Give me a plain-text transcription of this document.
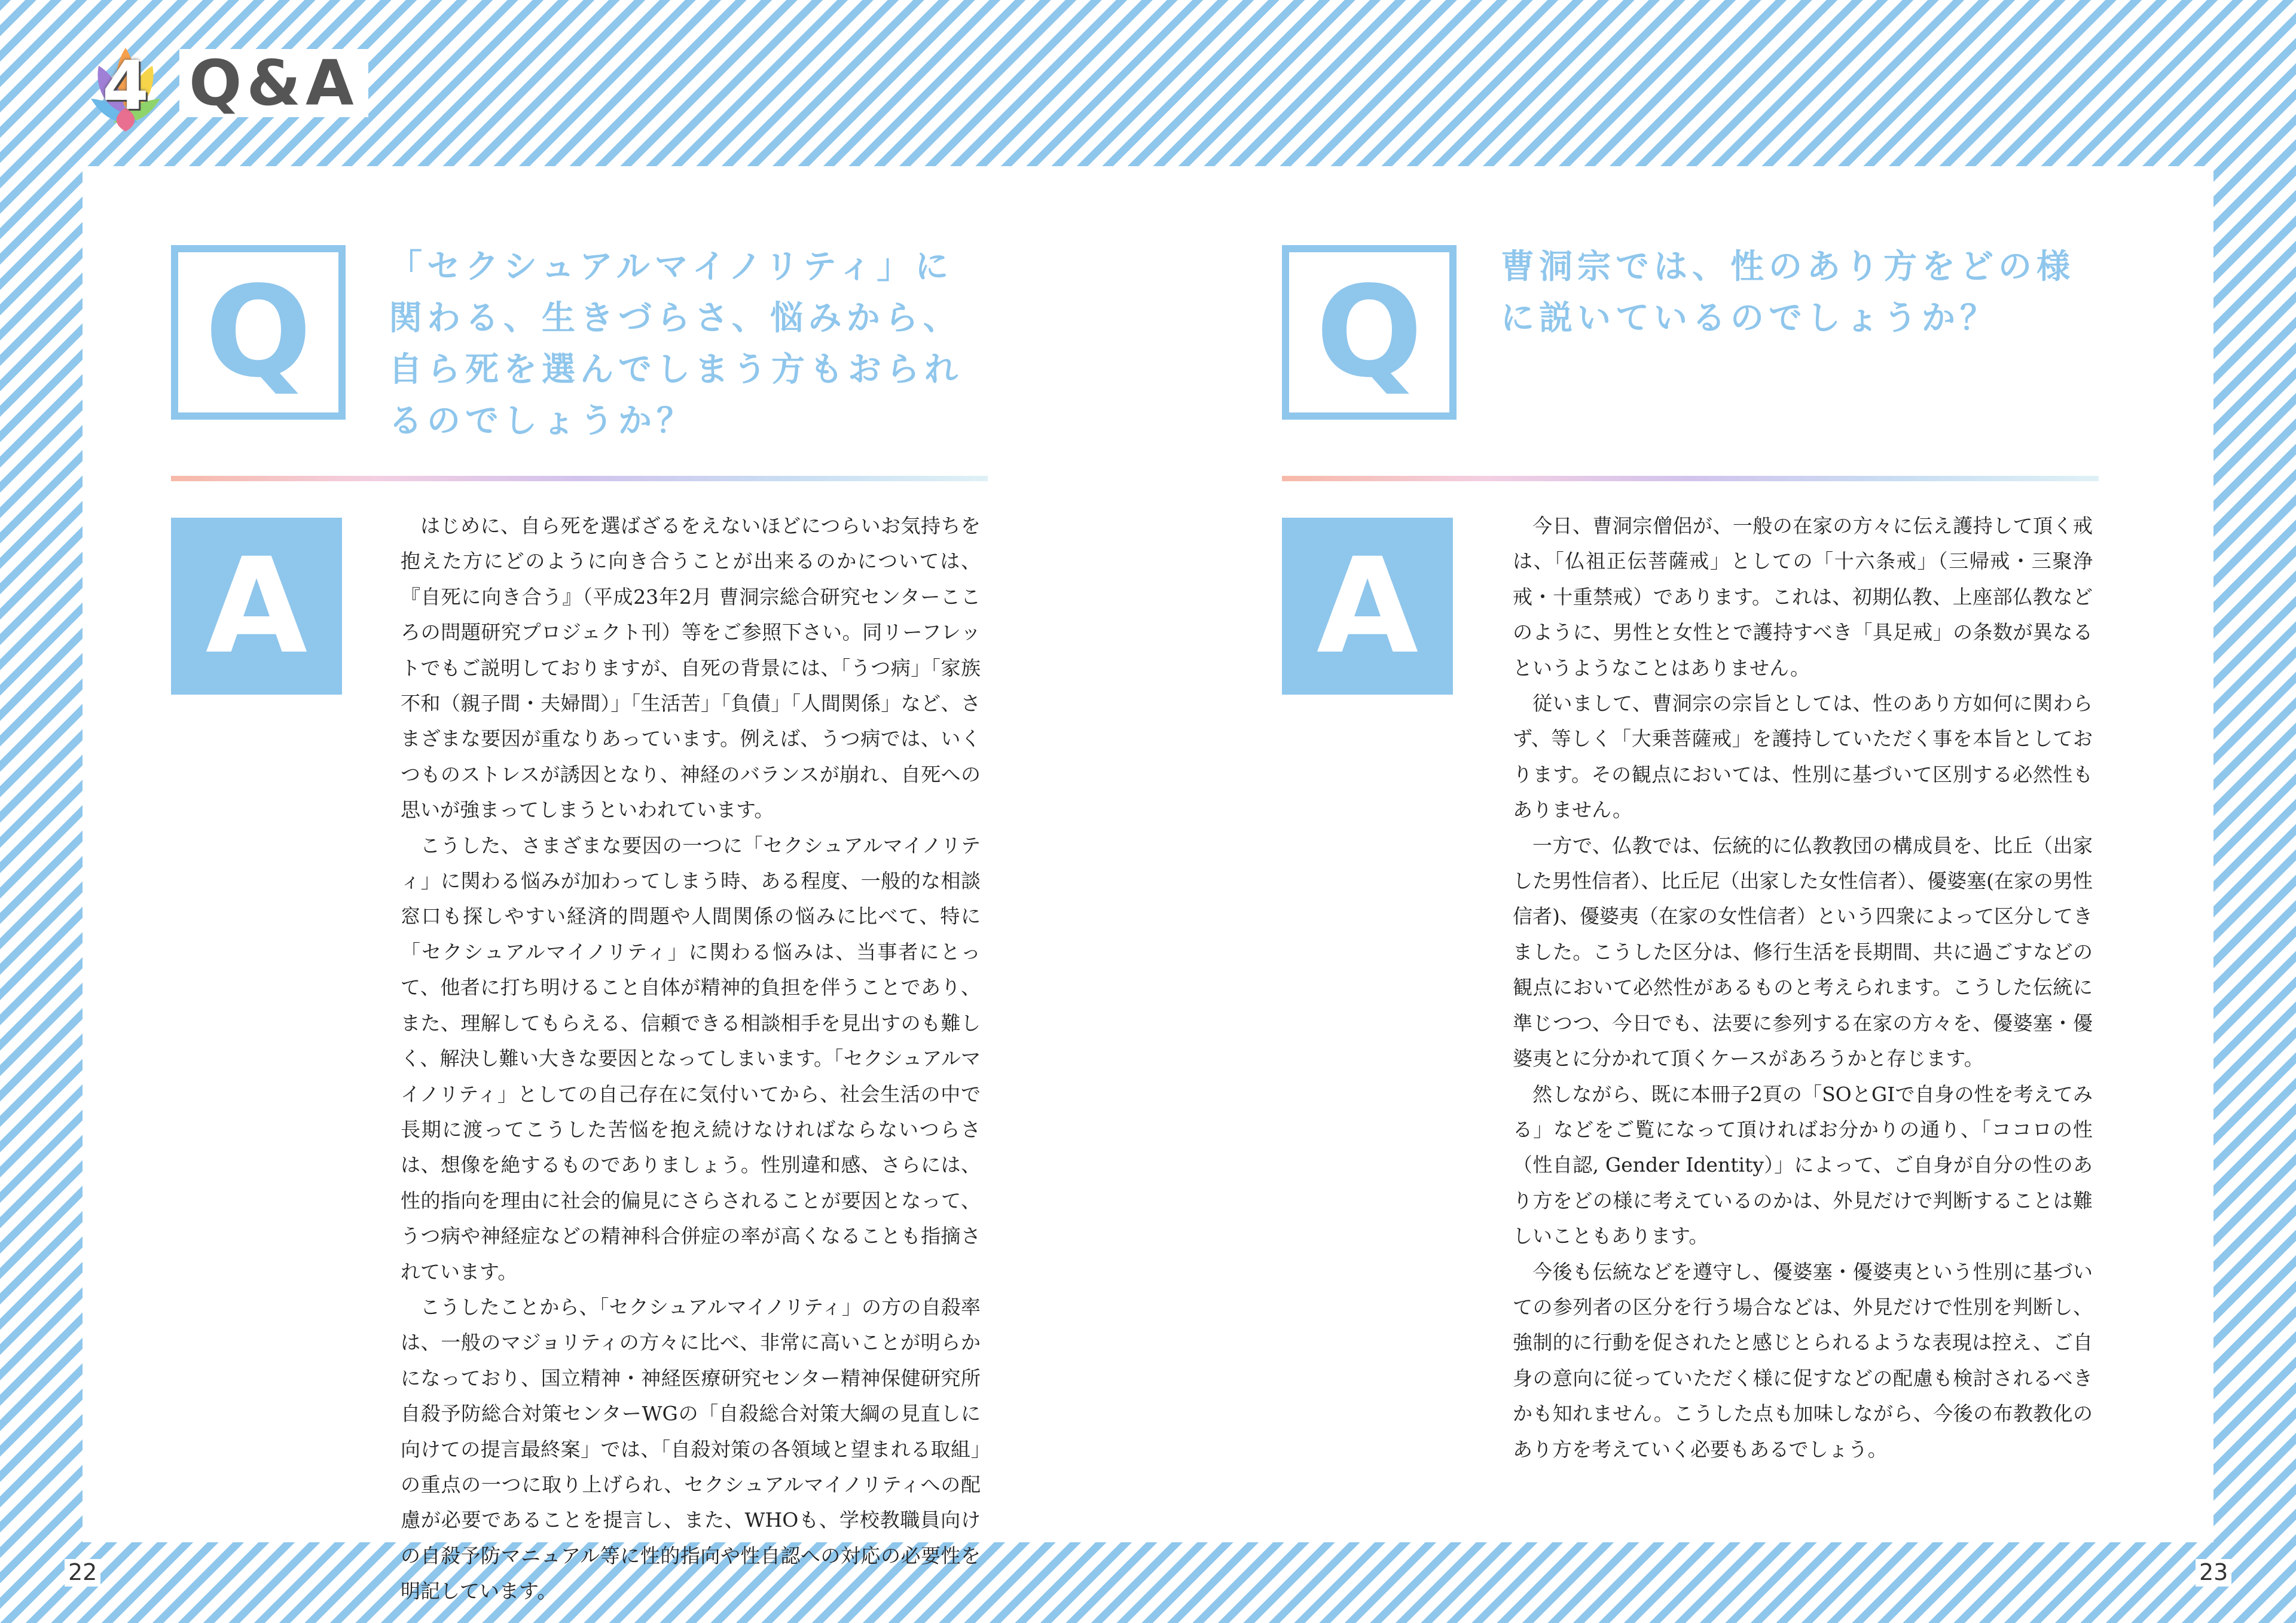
4 Q&A
Q	「セクシュアルマイノリティ」に関わる、生きづらさ、悩みから、自ら死を選んでしまう方もおられるのでしょうか？
A

はじめに、自ら死を選ばざるをえないほどにつらいお気持ちを抱えた方にどのように向き合うことが出来るのかについては、『自死に向き合う』（平成23年2月 曹洞宗総合研究センターこころの問題研究プロジェクト刊）等をご参照下さい。同リーフレットでもご説明しておりますが、自死の背景には、「うつ病」「家族不和（親子間・夫婦間）」「生活苦」「負債」「人間関係」など、さまざまな要因が重なりあっています。例えば、うつ病では、いくつものストレスが誘因となり、神経のバランスが崩れ、自死への思いが強まってしまうといわれています。

こうした、さまざまな要因の一つに「セクシュアルマイノリティ」に関わる悩みが加わってしまう時、ある程度、一般的な相談窓口も探しやすい経済的問題や人間関係の悩みに比べて、特に「セクシュアルマイノリティ」に関わる悩みは、当事者にとって、他者に打ち明けること自体が精神的負担を伴うことであり、また、理解してもらえる、信頼できる相談相手を見出すのも難しく、解決し難い大きな要因となってしまいます。「セクシュアルマイノリティ」としての自己存在に気付いてから、社会生活の中で長期に渡ってこうした苦悩を抱え続けなければならないつらさは、想像を絶するものでありましょう。性別違和感、さらには、性的指向を理由に社会的偏見にさらされることが要因となって、うつ病や神経症などの精神科合併症の率が高くなることも指摘されています。

こうしたことから、「セクシュアルマイノリティ」の方の自殺率は、一般のマジョリティの方々に比べ、非常に高いことが明らかになっており、国立精神・神経医療研究センター精神保健研究所自殺予防総合対策センターWGの「自殺総合対策大綱の見直しに向けての提言最終案」では、「自殺対策の各領域と望まれる取組」の重点の一つに取り上げられ、セクシュアルマイノリティへの配慮が必要であることを提言し、また、WHOも、学校教職員向けの自殺予防マニュアル等に性的指向や性自認への対応の必要性を明記しています。

Q	曹洞宗では、性のあり方をどの様に説いているのでしょうか？
A

今日、曹洞宗僧侶が、一般の在家の方々に伝え護持して頂く戒は、「仏祖正伝菩薩戒」としての「十六条戒」（三帰戒・三聚浄戒・十重禁戒）であります。これは、初期仏教、上座部仏教などのように、男性と女性とで護持すべき「具足戒」の条数が異なるというようなことはありません。

従いまして、曹洞宗の宗旨としては、性のあり方如何に関わらず、等しく「大乗菩薩戒」を護持していただく事を本旨としております。その観点においては、性別に基づいて区別する必然性もありません。

一方で、仏教では、伝統的に仏教教団の構成員を、比丘（出家した男性信者）、比丘尼（出家した女性信者）、優婆塞(在家の男性信者)、優婆夷（在家の女性信者）という四衆によって区分してきました。こうした区分は、修行生活を長期間、共に過ごすなどの観点において必然性があるものと考えられます。こうした伝統に準じつつ、今日でも、法要に参列する在家の方々を、優婆塞・優婆夷とに分かれて頂くケースがあろうかと存じます。

然しながら、既に本冊子2頁の「SOとGIで自身の性を考えてみる」などをご覧になって頂ければお分かりの通り、「ココロの性（性自認, Gender Identity）」によって、ご自身が自分の性のあり方をどの様に考えているのかは、外見だけで判断することは難しいこともあります。

今後も伝統などを遵守し、優婆塞・優婆夷という性別に基づいての参列者の区分を行う場合などは、外見だけで性別を判断し、強制的に行動を促されたと感じとられるような表現は控え、ご自身の意向に従っていただく様に促すなどの配慮も検討されるべきかも知れません。こうした点も加味しながら、今後の布教教化のあり方を考えていく必要もあるでしょう。

22	23
